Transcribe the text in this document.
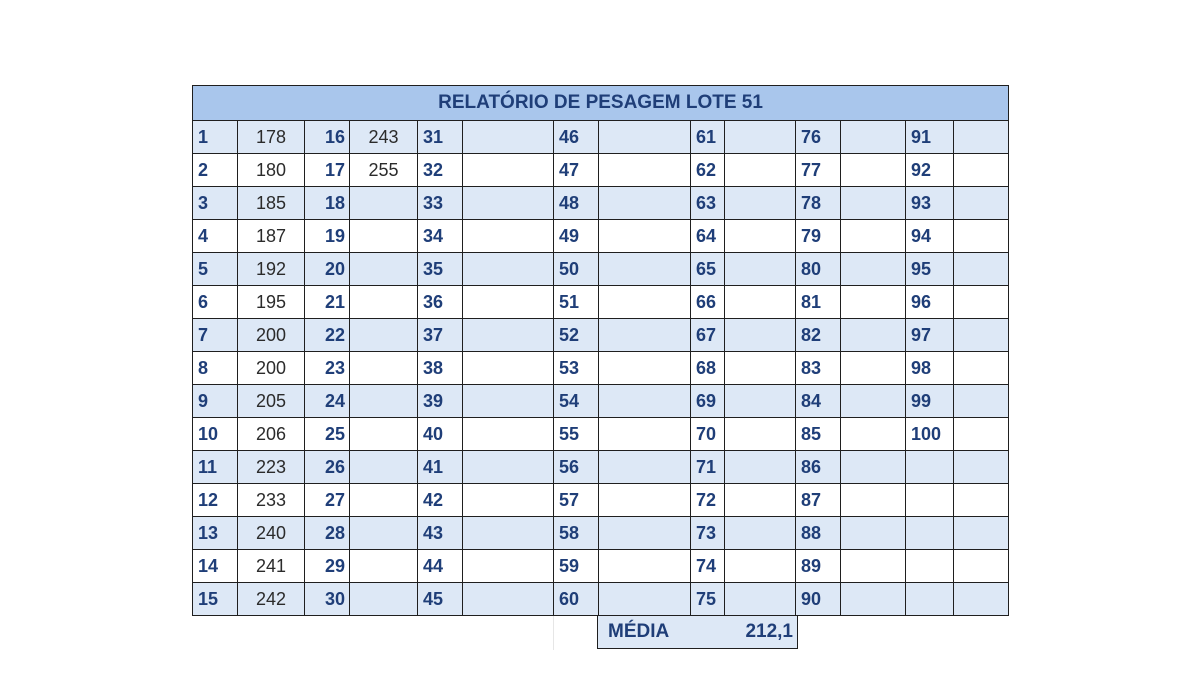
RELATÓRIO DE PESAGEM LOTE 51													
1	178	16	243	31		46		61		76		91	
2	180	17	255	32		47		62		77		92	
3	185	18		33		48		63		78		93	
4	187	19		34		49		64		79		94	
5	192	20		35		50		65		80		95	
6	195	21		36		51		66		81		96	
7	200	22		37		52		67		82		97	
8	200	23		38		53		68		83		98	
9	205	24		39		54		69		84		99	
10	206	25		40		55		70		85		100	
11	223	26		41		56		71		86			
12	233	27		42		57		72		87			
13	240	28		43		58		73		88			
14	241	29		44		59		74		89			
15	242	30		45		60		75		90			
MÉDIA	212,1
